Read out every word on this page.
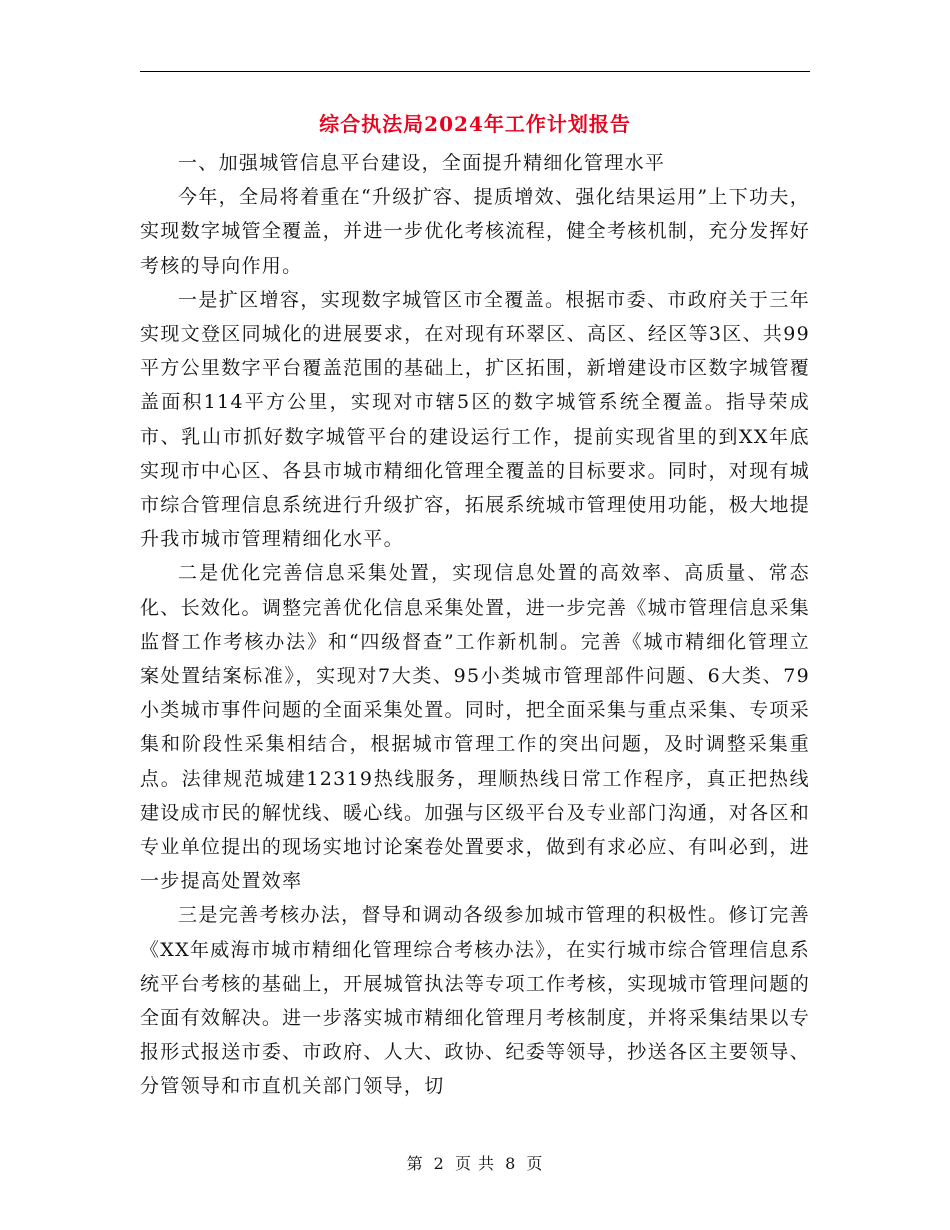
综合执法局2024年工作计划报告

一、加强城管信息平台建设，全面提升精细化管理水平

今年，全局将着重在“升级扩容、提质增效、强化结果运用”上下功夫，实现数字城管全覆盖，并进一步优化考核流程，健全考核机制，充分发挥好考核的导向作用。

一是扩区增容，实现数字城管区市全覆盖。根据市委、市政府关于三年实现文登区同城化的进展要求，在对现有环翠区、高区、经区等3区、共99平方公里数字平台覆盖范围的基础上，扩区拓围，新增建设市区数字城管覆盖面积114平方公里，实现对市辖5区的数字城管系统全覆盖。指导荣成市、乳山市抓好数字城管平台的建设运行工作，提前实现省里的到XX年底实现市中心区、各县市城市精细化管理全覆盖的目标要求。同时，对现有城市综合管理信息系统进行升级扩容，拓展系统城市管理使用功能，极大地提升我市城市管理精细化水平。

二是优化完善信息采集处置，实现信息处置的高效率、高质量、常态化、长效化。调整完善优化信息采集处置，进一步完善《城市管理信息采集监督工作考核办法》和“四级督查”工作新机制。完善《城市精细化管理立案处置结案标准》，实现对7大类、95小类城市管理部件问题、6大类、79小类城市事件问题的全面采集处置。同时，把全面采集与重点采集、专项采集和阶段性采集相结合，根据城市管理工作的突出问题，及时调整采集重点。法律规范城建12319热线服务，理顺热线日常工作程序，真正把热线建设成市民的解忧线、暖心线。加强与区级平台及专业部门沟通，对各区和专业单位提出的现场实地讨论案卷处置要求，做到有求必应、有叫必到，进一步提高处置效率

三是完善考核办法，督导和调动各级参加城市管理的积极性。修订完善《XX年威海市城市精细化管理综合考核办法》，在实行城市综合管理信息系统平台考核的基础上，开展城管执法等专项工作考核，实现城市管理问题的全面有效解决。进一步落实城市精细化管理月考核制度，并将采集结果以专报形式报送市委、市政府、人大、政协、纪委等领导，抄送各区主要领导、分管领导和市直机关部门领导，切

第 2 页 共 8 页
